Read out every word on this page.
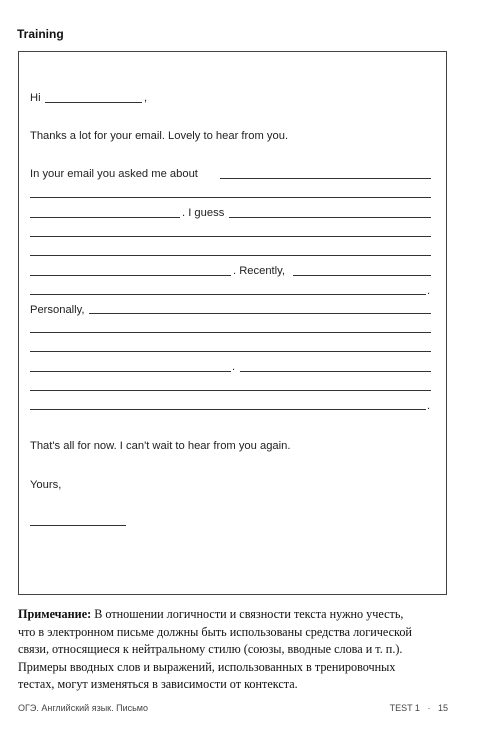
Training
Hi	,
Thanks a lot for your email. Lovely to hear from you.
In your email you asked me about
. I guess
. Recently,
.
Personally,
.
.
That's all for now. I can't wait to hear from you again.
Yours,

Примечание: В отношении логичности и связности текста нужно учесть,

что в электронном письме должны быть использованы средства логической

связи, относящиеся к нейтральному стилю (союзы, вводные слова и т. п.).

Примеры вводных слов и выражений, использованных в тренировочных

тестах, могут изменяться в зависимости от контекста.

ОГЭ. Английский язык. Письмо	TEST 1 · 15
